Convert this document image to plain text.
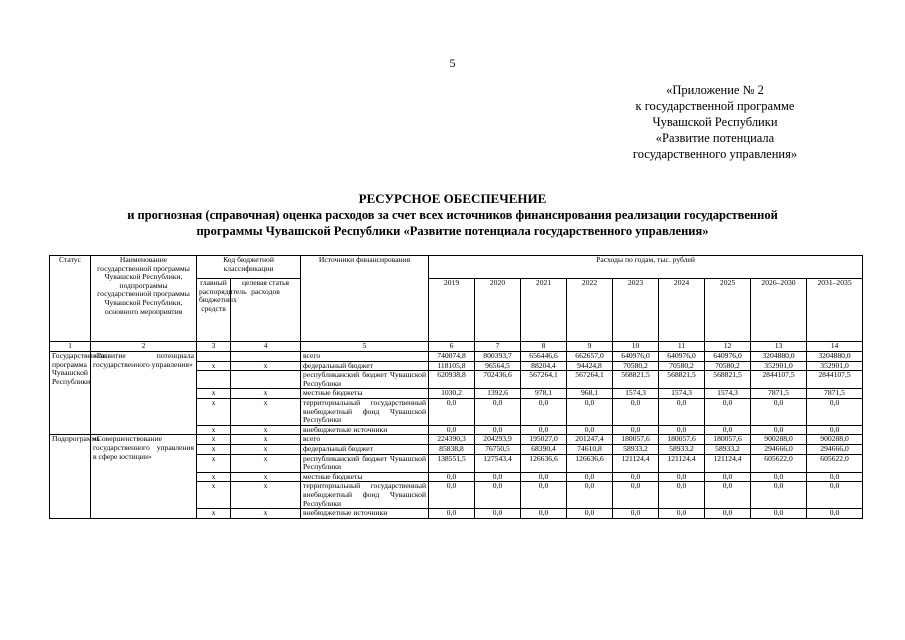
5
«Приложение № 2
к государственной программе
Чувашской Республики
«Развитие потенциала
государственного управления»
РЕСУРСНОЕ ОБЕСПЕЧЕНИЕ
и прогнозная (справочная) оценка расходов за счет всех источников финансирования реализации государственной
программы Чувашской Республики «Развитие потенциала государственного управления»
Статус	Наименование государственной программы Чувашской Республики, подпрограммы государственной программы Чувашской Республики, основного мероприятия	Код бюджетной классификации		Источники финансирования	Расходы по годам, тыс. рублей								
		главный распорядитель бюджетных средств	целевая статья расходов		2019	2020	2021	2022	2023	2024	2025	2026–2030	2031–2035
1	2	3	4	5	6	7	8	9	10	11	12	13	14
Государственная программа Чувашской Республики	«Развитие потенциала государственного управления»			всего	740074,8	800393,7	656446,6	662657,0	640976,0	640976,0	640976,0	3204880,0	3204880,0
		x	x	федеральный бюджет	118105,8	96564,5	88204,4	94424,8	70580,2	70580,2	70580,2	352901,0	352901,0
				республиканский бюджет Чувашской Республики	620938,8	702436,6	567264,1	567264,1	568821,5	568821,5	568821,5	2844107,5	2844107,5
		x	x	местные бюджеты	1030,2	1392,6	978,1	968,1	1574,3	1574,3	1574,3	7871,5	7871,5
		x	x	территориальный государственный внебюджетный фонд Чувашской Республики	0,0	0,0	0,0	0,0	0,0	0,0	0,0	0,0	0,0
		x	x	внебюджетные источники	0,0	0,0	0,0	0,0	0,0	0,0	0,0	0,0	0,0
Подпрограмма	«Совершенствование государственного управления в сфере юстиции»	x	x	всего	224390,3	204293,9	195027,0	201247,4	180057,6	180057,6	180057,6	900288,0	900288,0
		x	x	федеральный бюджет	85838,8	76750,5	68390,4	74610,8	58933,2	58933,2	58933,2	294666,0	294666,0
		x	x	республиканский бюджет Чувашской Республики	138551,5	127543,4	126636,6	126636,6	121124,4	121124,4	121124,4	605622,0	605622,0
		x	x	местные бюджеты	0,0	0,0	0,0	0,0	0,0	0,0	0,0	0,0	0,0
		x	x	территориальный государственный внебюджетный фонд Чувашской Республики	0,0	0,0	0,0	0,0	0,0	0,0	0,0	0,0	0,0
		x	x	внебюджетные источники	0,0	0,0	0,0	0,0	0,0	0,0	0,0	0,0	0,0
